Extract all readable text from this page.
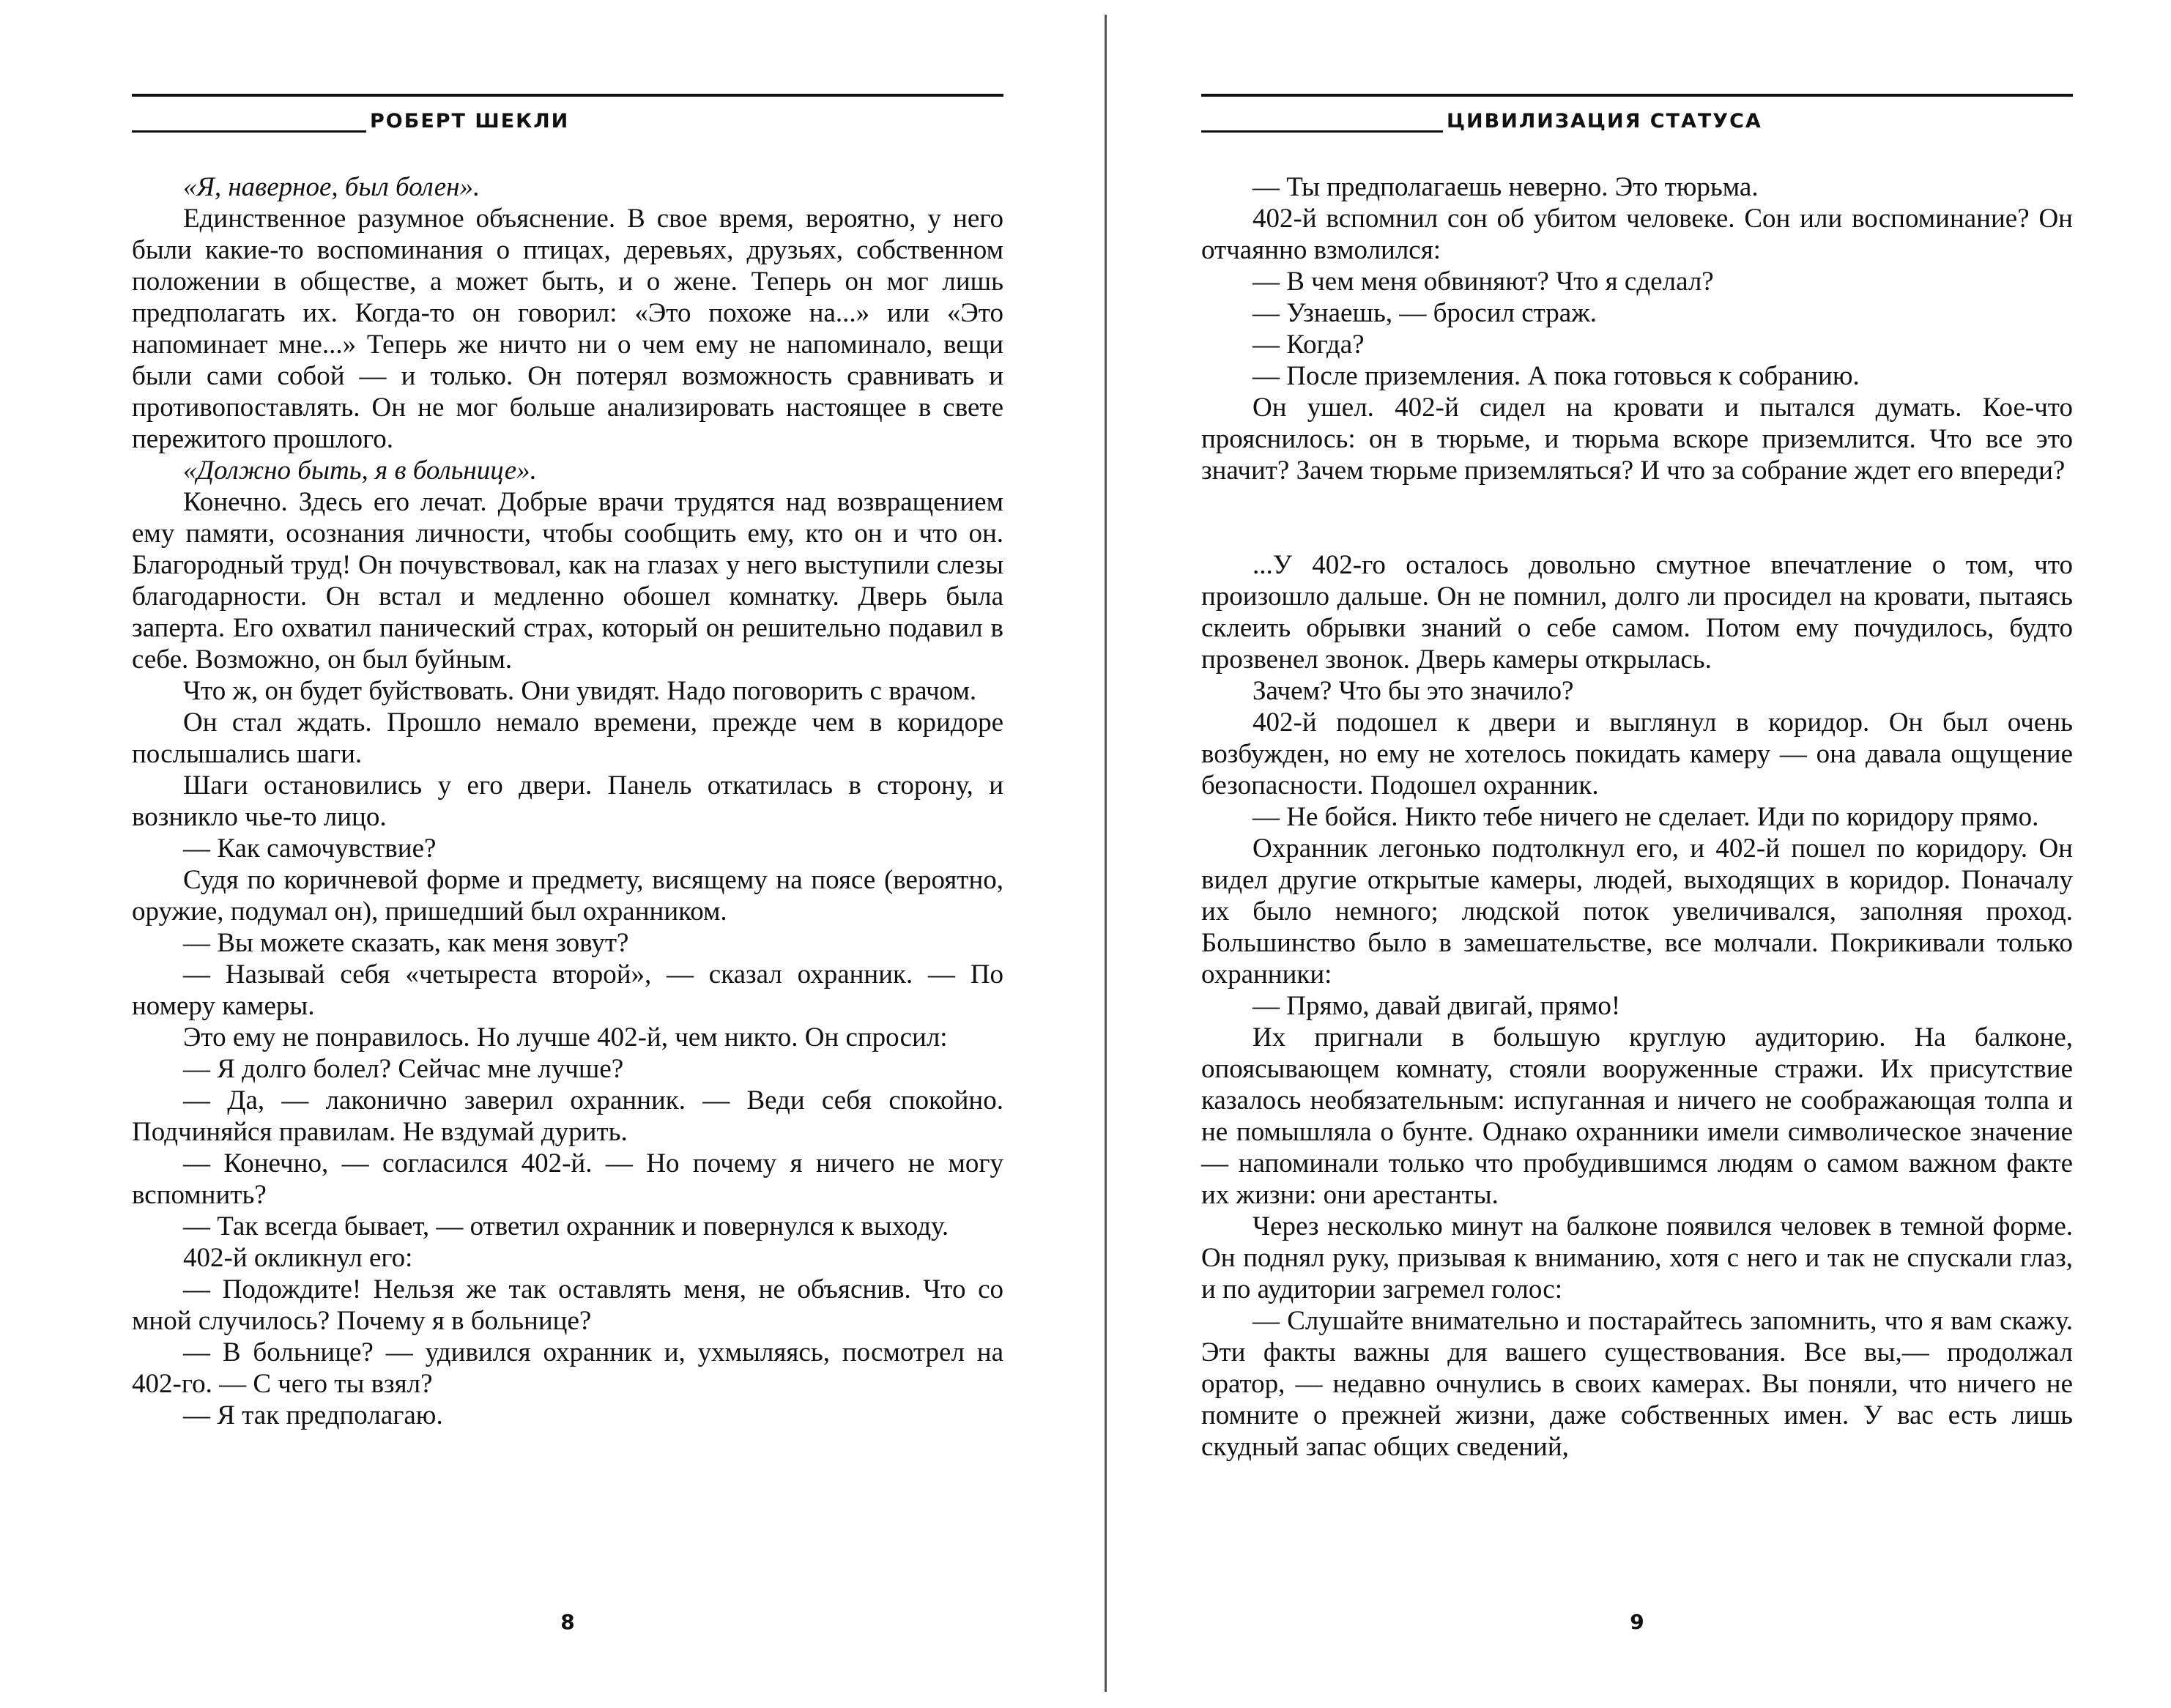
РОБЕРТ ШЕКЛИ

«Я, наверное, был болен».

Единственное разумное объяснение. В свое время, вероятно, у него были какие-то воспоминания о птицах, деревьях, друзьях, собственном положении в обществе, а может быть, и о жене. Теперь он мог лишь предполагать их. Когда-то он говорил: «Это похоже на...» или «Это напоминает мне...» Теперь же ничто ни о чем ему не напоминало, вещи были сами собой — и только. Он потерял возможность сравнивать и противопоставлять. Он не мог больше анализировать настоящее в свете пережитого прошлого.

«Должно быть, я в больнице».

Конечно. Здесь его лечат. Добрые врачи трудятся над возвращением ему памяти, осознания личности, чтобы сообщить ему, кто он и что он. Благородный труд! Он почувствовал, как на глазах у него выступили слезы благодарности. Он встал и медленно обошел комнатку. Дверь была заперта. Его охватил панический страх, который он решительно подавил в себе. Возможно, он был буйным.

Что ж, он будет буйствовать. Они увидят. Надо поговорить с врачом.

Он стал ждать. Прошло немало времени, прежде чем в коридоре послышались шаги.

Шаги остановились у его двери. Панель откатилась в сторону, и возникло чье-то лицо.

— Как самочувствие?

Судя по коричневой форме и предмету, висящему на поясе (вероятно, оружие, подумал он), пришедший был охранником.

— Вы можете сказать, как меня зовут?

— Называй себя «четыреста второй», — сказал охранник. — По номеру камеры.

Это ему не понравилось. Но лучше 402-й, чем никто. Он спросил:

— Я долго болел? Сейчас мне лучше?

— Да, — лаконично заверил охранник. — Веди себя спокойно. Подчиняйся правилам. Не вздумай дурить.

— Конечно, — согласился 402-й. — Но почему я ничего не могу вспомнить?

— Так всегда бывает, — ответил охранник и повернулся к выходу.

402-й окликнул его:

— Подождите! Нельзя же так оставлять меня, не объяснив. Что со мной случилось? Почему я в больнице?

— В больнице? — удивился охранник и, ухмыляясь, посмотрел на 402-го. — С чего ты взял?

— Я так предполагаю.

8
ЦИВИЛИЗАЦИЯ СТАТУСА

— Ты предполагаешь неверно. Это тюрьма.

402-й вспомнил сон об убитом человеке. Сон или воспоминание? Он отчаянно взмолился:

— В чем меня обвиняют? Что я сделал?

— Узнаешь, — бросил страж.

— Когда?

— После приземления. А пока готовься к собранию.

Он ушел. 402-й сидел на кровати и пытался думать. Кое-что прояснилось: он в тюрьме, и тюрьма вскоре приземлится. Что все это значит? Зачем тюрьме приземляться? И что за собрание ждет его впереди?

...У 402-го осталось довольно смутное впечатление о том, что произошло дальше. Он не помнил, долго ли просидел на кровати, пытаясь склеить обрывки знаний о себе самом. Потом ему почудилось, будто прозвенел звонок. Дверь камеры открылась.

Зачем? Что бы это значило?

402-й подошел к двери и выглянул в коридор. Он был очень возбужден, но ему не хотелось покидать камеру — она давала ощущение безопасности. Подошел охранник.

— Не бойся. Никто тебе ничего не сделает. Иди по коридору прямо.

Охранник легонько подтолкнул его, и 402-й пошел по коридору. Он видел другие открытые камеры, людей, выходящих в коридор. Поначалу их было немного; людской поток увеличивался, заполняя проход. Большинство было в замешательстве, все молчали. Покрикивали только охранники:

— Прямо, давай двигай, прямо!

Их пригнали в большую круглую аудиторию. На балконе, опоясывающем комнату, стояли вооруженные стражи. Их присутствие казалось необязательным: испуганная и ничего не соображающая толпа и не помышляла о бунте. Однако охранники имели символическое значение — напоминали только что пробудившимся людям о самом важном факте их жизни: они арестанты.

Через несколько минут на балконе появился человек в темной форме. Он поднял руку, призывая к вниманию, хотя с него и так не спускали глаз, и по аудитории загремел голос:

— Слушайте внимательно и постарайтесь запомнить, что я вам скажу. Эти факты важны для вашего существования. Все вы,— продолжал оратор, — недавно очнулись в своих камерах. Вы поняли, что ничего не помните о прежней жизни, даже собственных имен. У вас есть лишь скудный запас общих сведений,

9
